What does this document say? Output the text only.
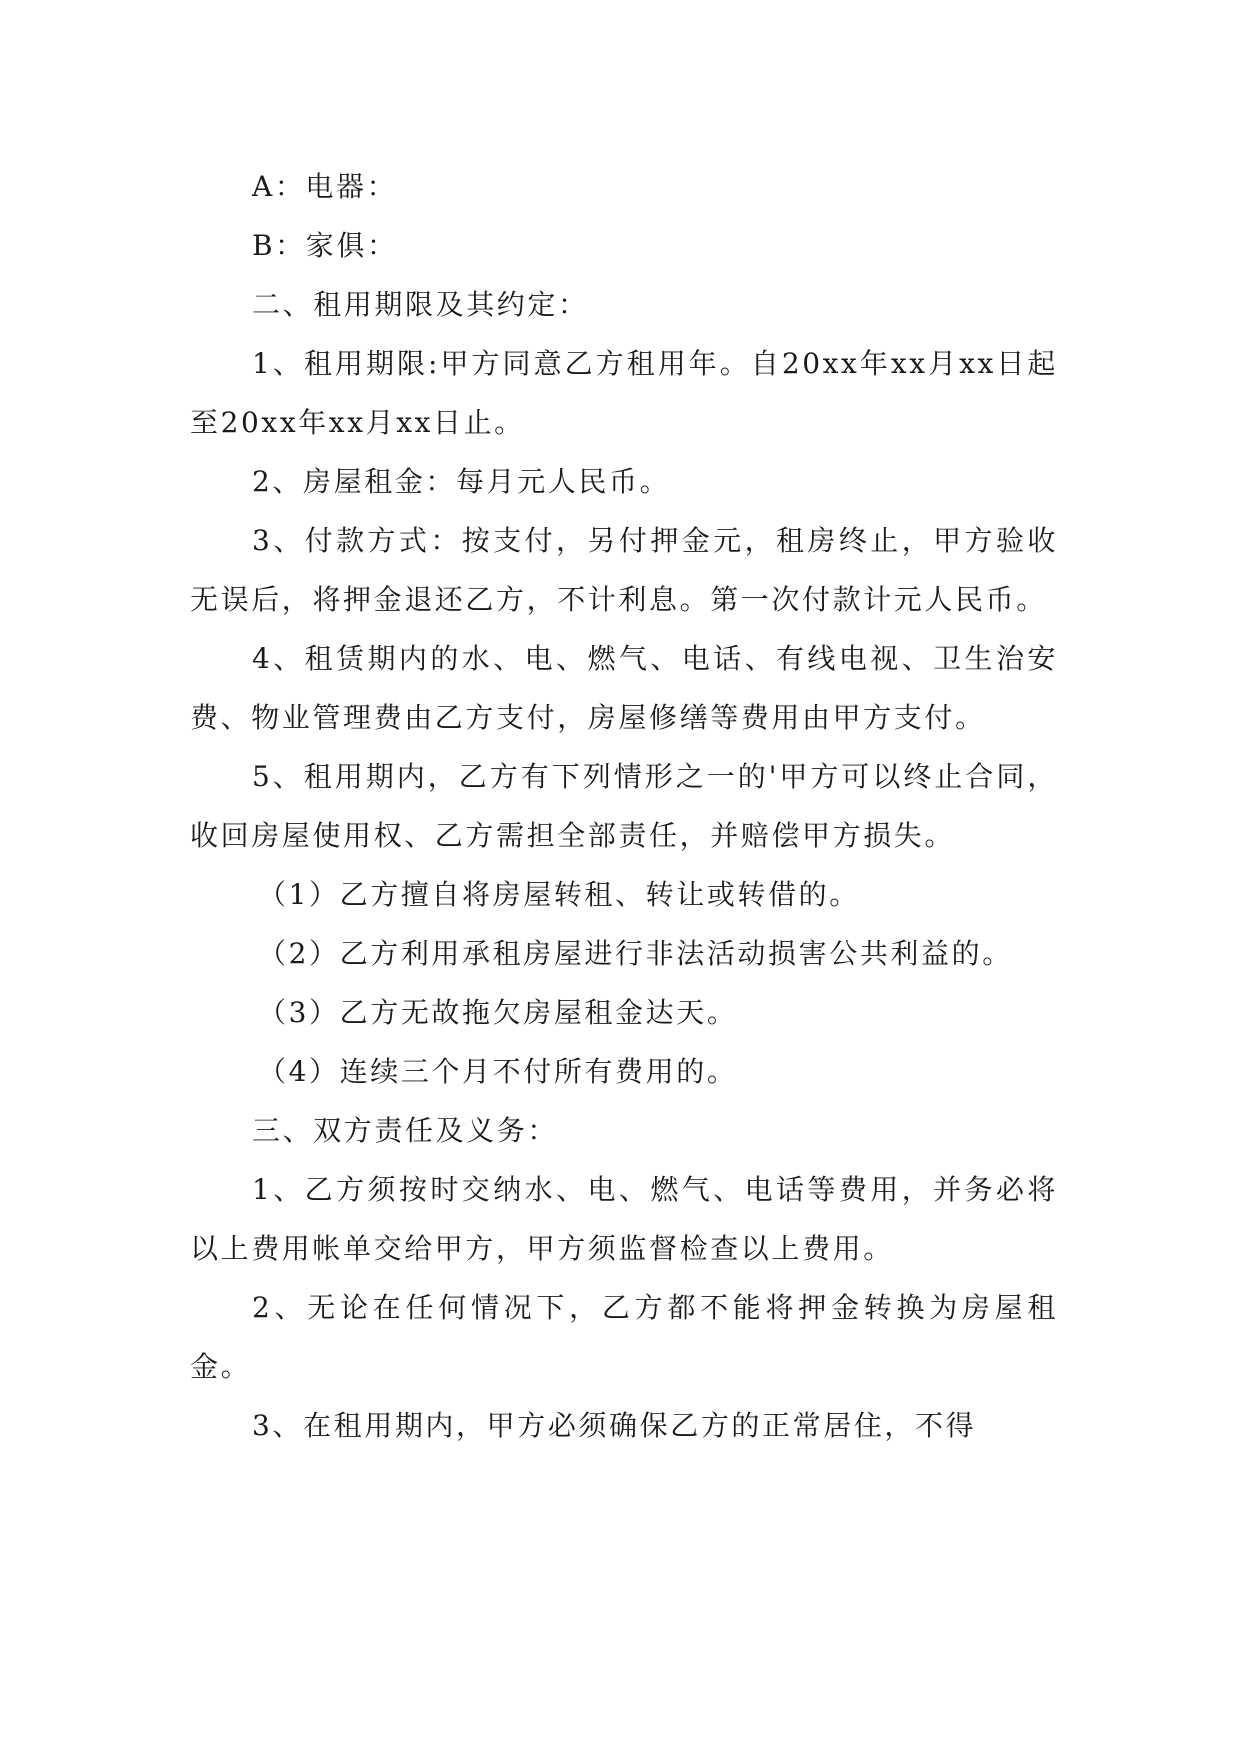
A：电器：

B：家俱：

二、租用期限及其约定：

1、租用期限:甲方同意乙方租用年。自20xx年xx月xx日起至20xx年xx月xx日止。

2、房屋租金：每月元人民币。

3、付款方式：按支付，另付押金元，租房终止，甲方验收无误后，将押金退还乙方，不计利息。第一次付款计元人民币。

4、租赁期内的水、电、燃气、电话、有线电视、卫生治安费、物业管理费由乙方支付，房屋修缮等费用由甲方支付。

5、租用期内，乙方有下列情形之一的'甲方可以终止合同，收回房屋使用权、乙方需担全部责任，并赔偿甲方损失。

（1）乙方擅自将房屋转租、转让或转借的。

（2）乙方利用承租房屋进行非法活动损害公共利益的。

（3）乙方无故拖欠房屋租金达天。

（4）连续三个月不付所有费用的。

三、双方责任及义务：

1、乙方须按时交纳水、电、燃气、电话等费用，并务必将以上费用帐单交给甲方，甲方须监督检查以上费用。

2、无论在任何情况下，乙方都不能将押金转换为房屋租金。

3、在租用期内，甲方必须确保乙方的正常居住，不得
